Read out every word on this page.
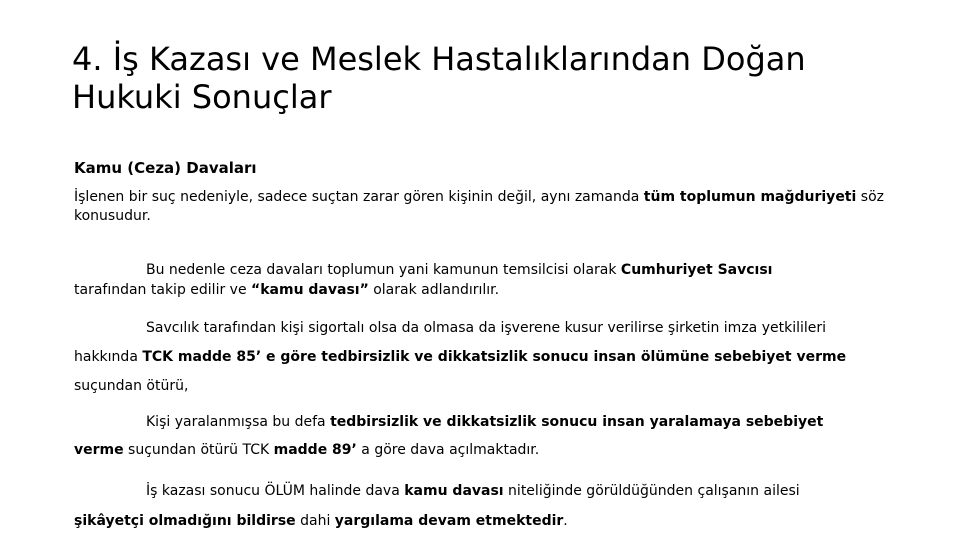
4. İş Kazası ve Meslek Hastalıklarından Doğan
Hukuki Sonuçlar
Kamu (Ceza) Davaları

İşlenen bir suç nedeniyle, sadece suçtan zarar gören kişinin değil, aynı zamanda tüm toplumun mağduriyeti söz konusudur.

Bu nedenle ceza davaları toplumun yani kamunun temsilcisi olarak Cumhuriyet Savcısı
tarafından takip edilir ve “kamu davası” olarak adlandırılır.
Savcılık tarafından kişi sigortalı olsa da olmasa da işverene kusur verilirse şirketin imza yetkilileri
hakkında TCK madde 85’ e göre tedbirsizlik ve dikkatsizlik sonucu insan ölümüne sebebiyet verme
suçundan ötürü,
Kişi yaralanmışsa bu defa tedbirsizlik ve dikkatsizlik sonucu insan yaralamaya sebebiyet
verme suçundan ötürü TCK madde 89’ a göre dava açılmaktadır.
İş kazası sonucu ÖLÜM halinde dava kamu davası niteliğinde görüldüğünden çalışanın ailesi
şikâyetçi olmadığını bildirse dahi yargılama devam etmektedir.
